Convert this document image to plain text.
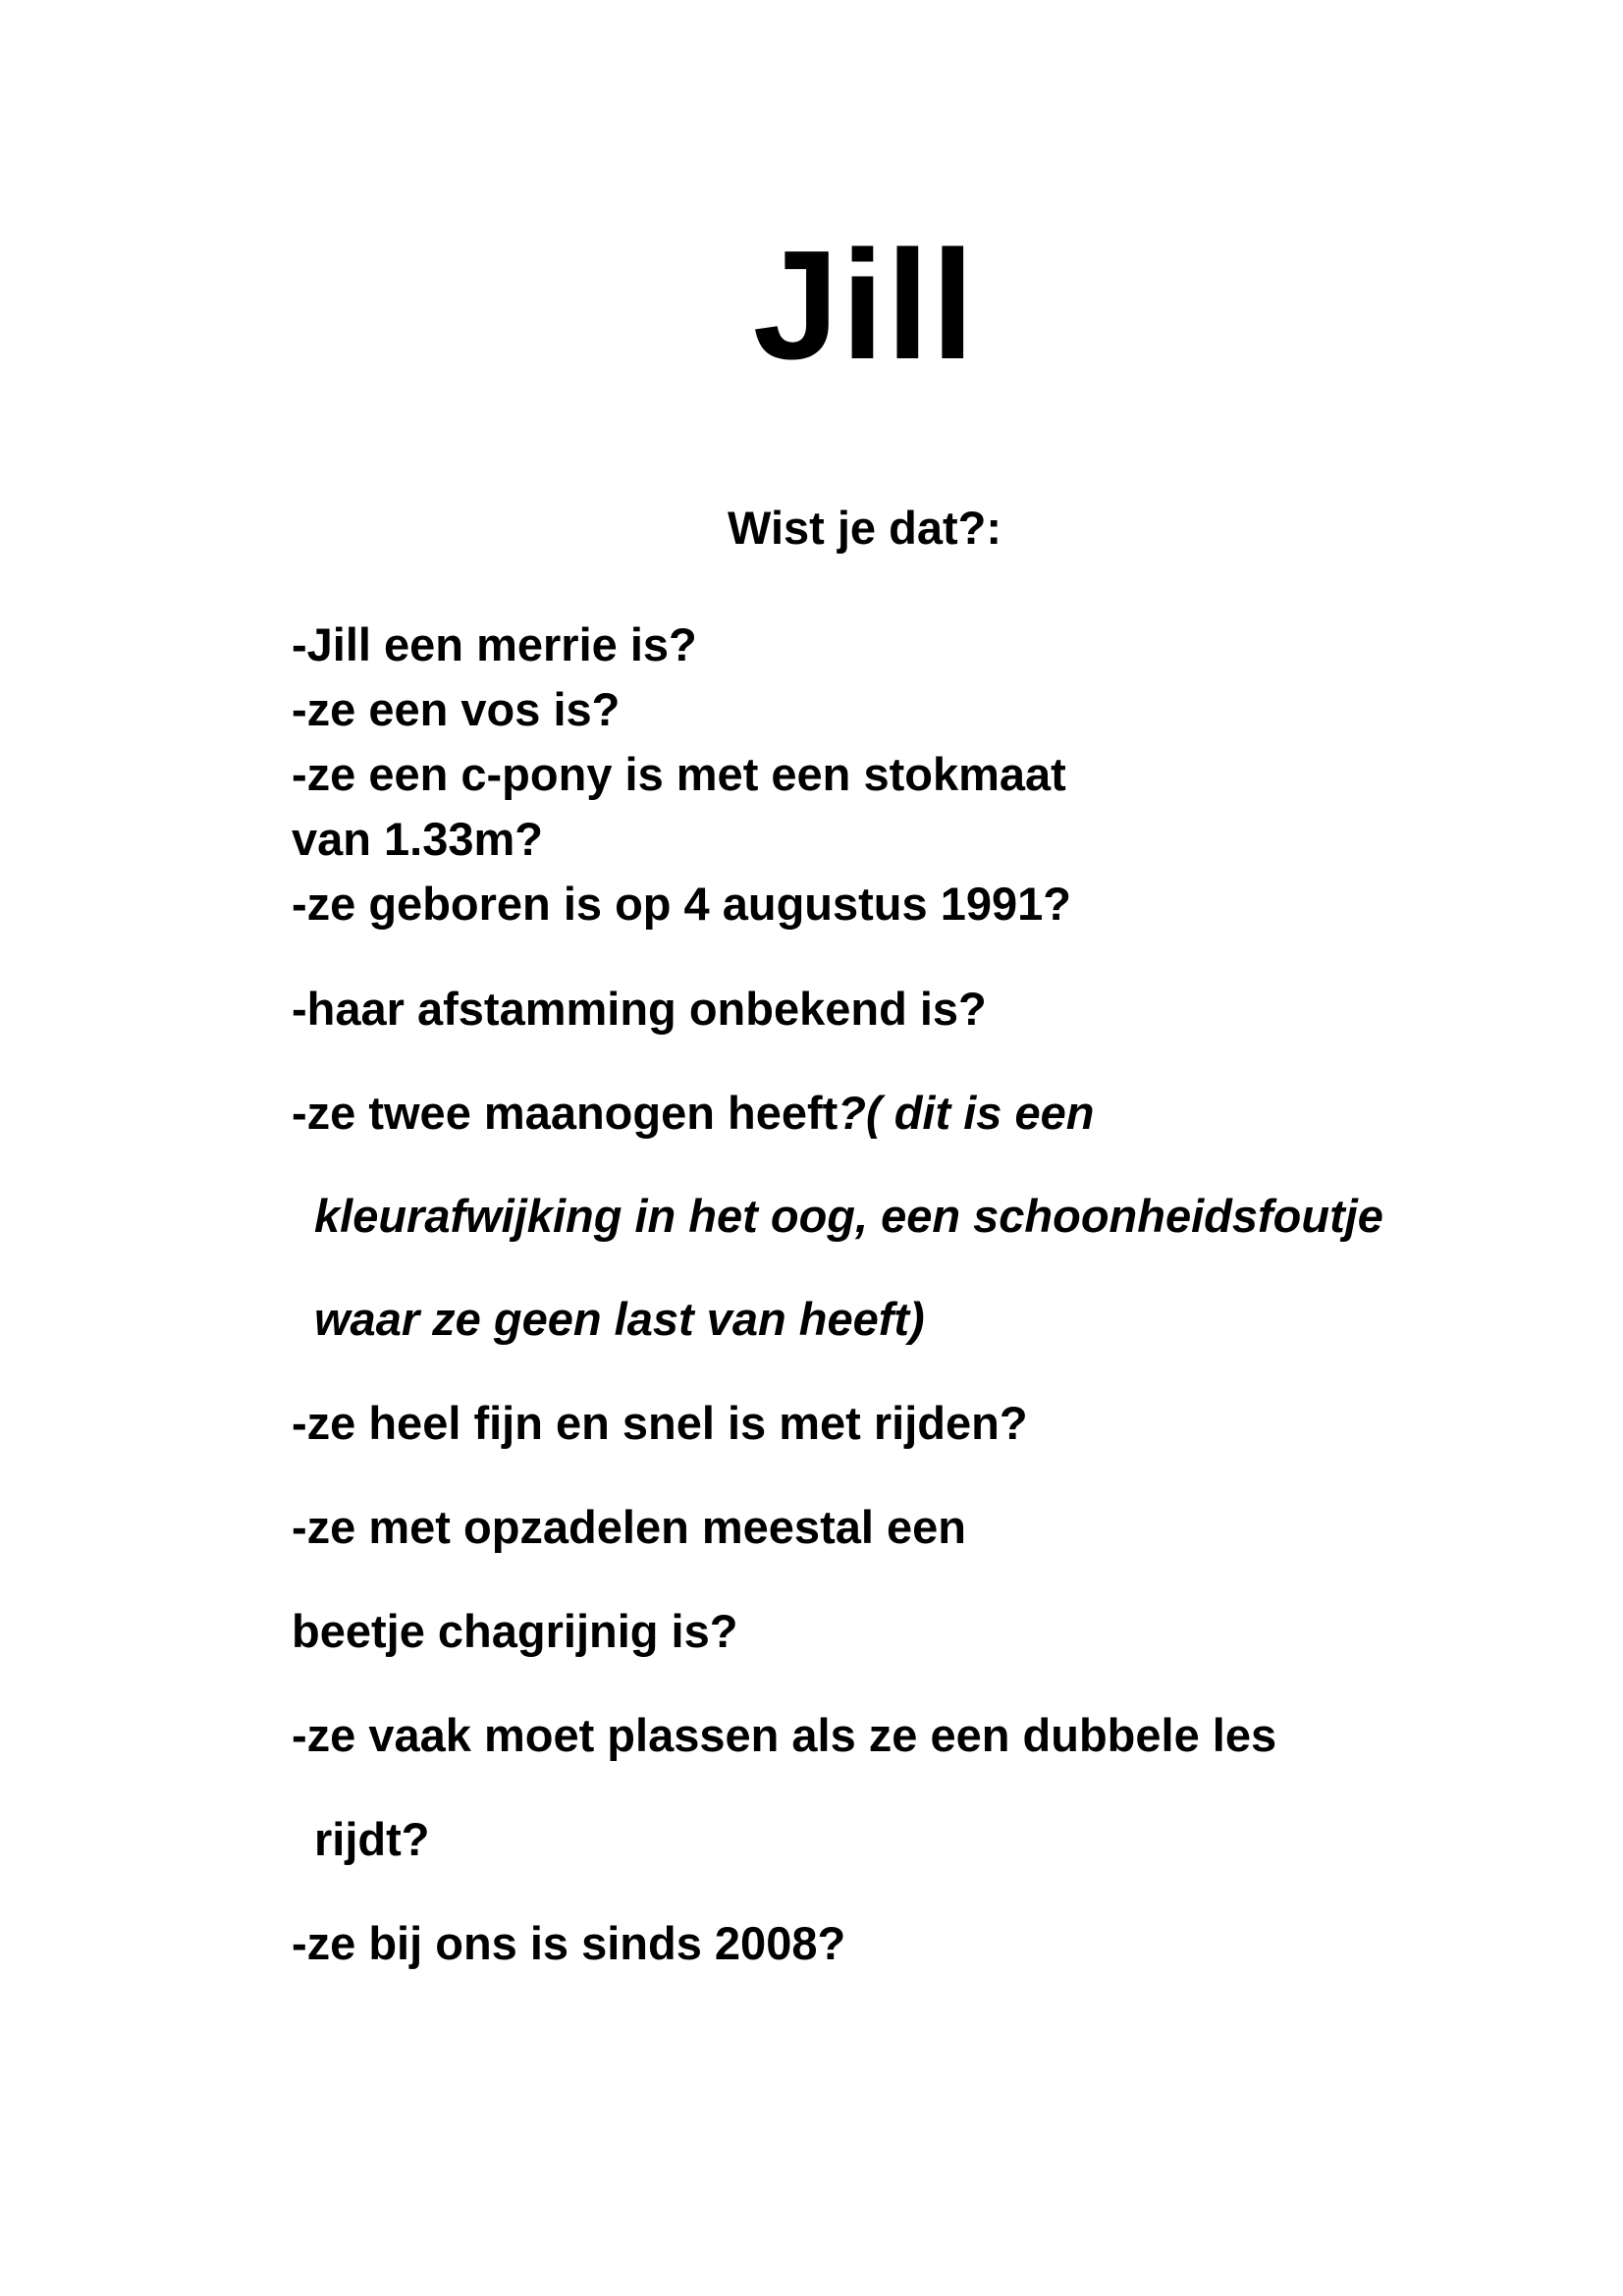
Jill
Wist je dat?:
-Jill een merrie is?
-ze een vos is?
-ze een c-pony is met een stokmaat
van 1.33m?
-ze geboren is op 4 augustus 1991?
-haar afstamming onbekend is?
-ze twee maanogen heeft?( dit is een
kleurafwijking in het oog, een schoonheidsfoutje
waar ze geen last van heeft)
-ze heel fijn en snel is met rijden?
-ze met opzadelen meestal een
beetje chagrijnig is?
-ze vaak moet plassen als ze een dubbele les
rijdt?
-ze bij ons is sinds 2008?
